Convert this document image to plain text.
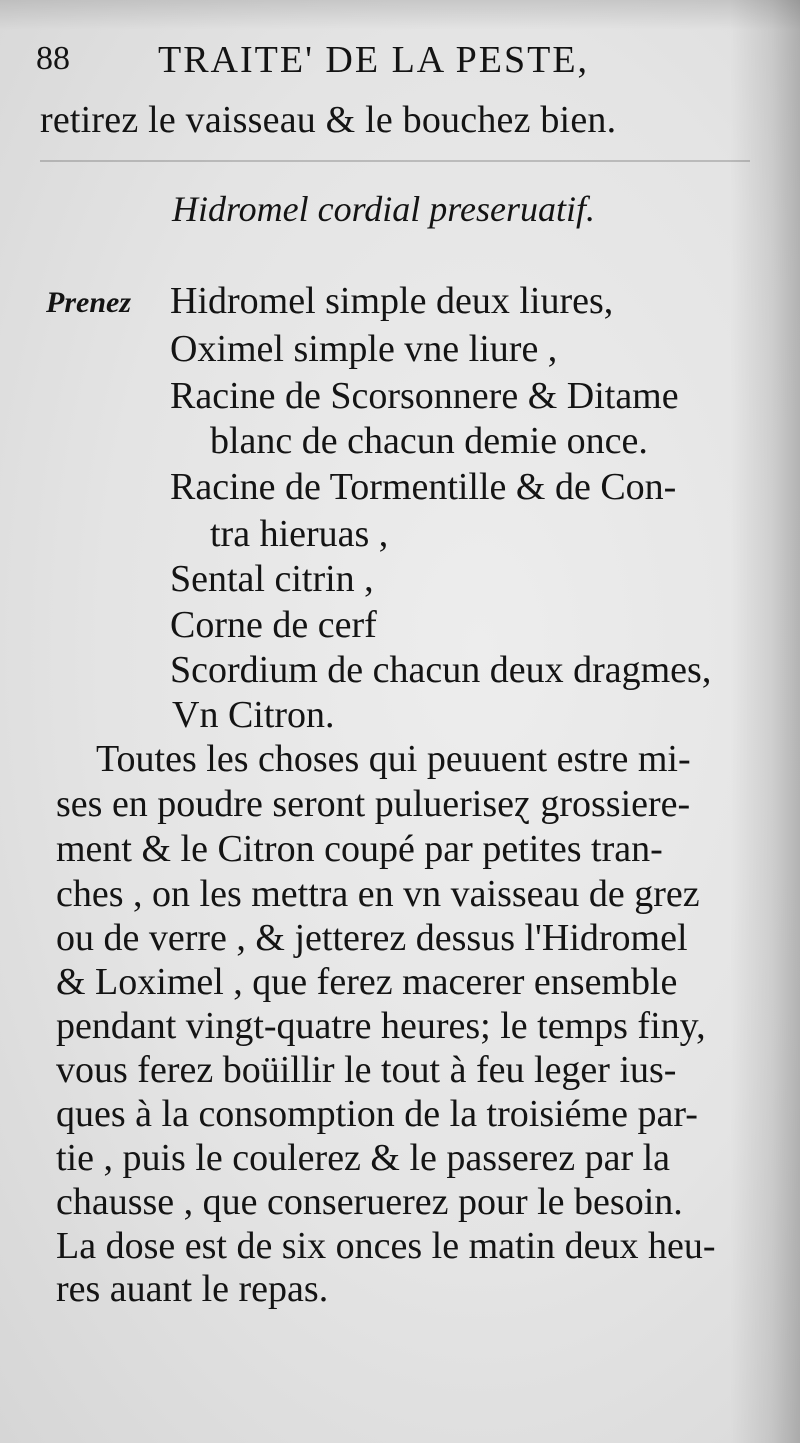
88 TRAITE' DE LA PESTE,
retirez le vaisseau & le bouchez bien.
Hidromel cordial preseruatif.
Prenez Hidromel simple deux liures,
Oximel simple vne liure ,
Racine de Scorsonnere & Ditame
blanc de chacun demie once.
Racine de Tormentille & de Con-
tra hieruas ,
Sental citrin ,
Corne de cerf
Scordium de chacun deux dragmes,
Vn Citron.
Toutes les choses qui peuuent estre mi-
ses en poudre seront pulueriseɀ grossiere-
ment & le Citron coupé par petites tran-
ches , on les mettra en vn vaisseau de grez
ou de verre , & jetterez dessus l'Hidromel
& Loximel , que ferez macerer ensemble
pendant vingt-quatre heures; le temps finy,
vous ferez boüillir le tout à feu leger ius-
ques à la consomption de la troisiéme par-
tie , puis le coulerez & le passerez par la
chausse , que conseruerez pour le besoin.
La dose est de six onces le matin deux heu-
res auant le repas.
